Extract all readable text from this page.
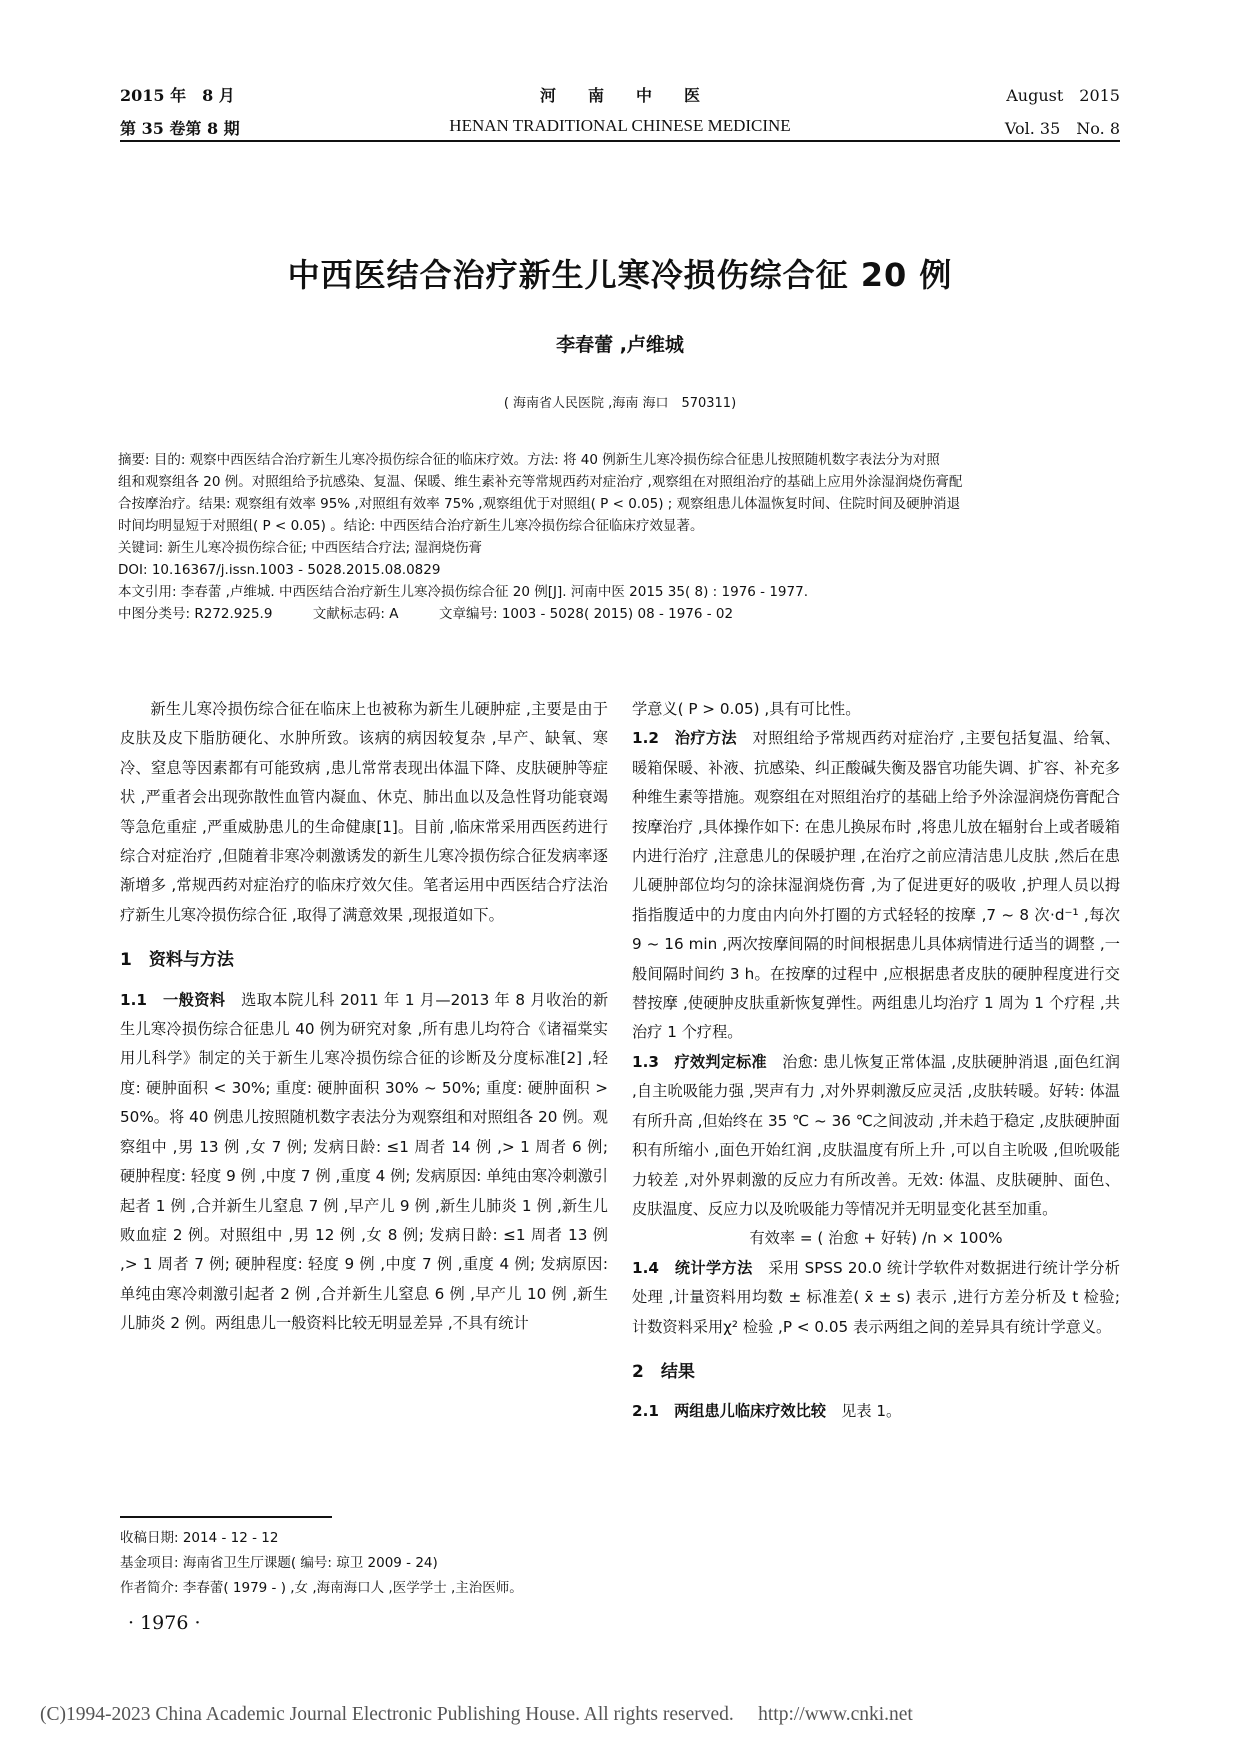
2015 年　8 月	河　　南　　中　　医	August　2015
第 35 卷第 8 期	HENAN TRADITIONAL CHINESE MEDICINE	Vol. 35　No. 8
中西医结合治疗新生儿寒冷损伤综合征 20 例
李春蕾 ,卢维城
( 海南省人民医院 ,海南 海口　570311)
摘要: 目的: 观察中西医结合治疗新生儿寒冷损伤综合征的临床疗效。方法: 将 40 例新生儿寒冷损伤综合征患儿按照随机数字表法分为对照
组和观察组各 20 例。对照组给予抗感染、复温、保暖、维生素补充等常规西药对症治疗 ,观察组在对照组治疗的基础上应用外涂湿润烧伤膏配
合按摩治疗。结果: 观察组有效率 95% ,对照组有效率 75% ,观察组优于对照组( P < 0.05) ; 观察组患儿体温恢复时间、住院时间及硬肿消退
时间均明显短于对照组( P < 0.05) 。结论: 中西医结合治疗新生儿寒冷损伤综合征临床疗效显著。
关键词: 新生儿寒冷损伤综合征; 中西医结合疗法; 湿润烧伤膏
DOI: 10.16367/j.issn.1003 - 5028.2015.08.0829
本文引用: 李春蕾 ,卢维城. 中西医结合治疗新生儿寒冷损伤综合征 20 例[J]. 河南中医 2015 35( 8) : 1976 - 1977.
中图分类号: R272.925.9　　　文献标志码: A　　　文章编号: 1003 - 5028( 2015) 08 - 1976 - 02

新生儿寒冷损伤综合征在临床上也被称为新生儿硬肿症 ,主要是由于皮肤及皮下脂肪硬化、水肿所致。该病的病因较复杂 ,早产、缺氧、寒冷、窒息等因素都有可能致病 ,患儿常常表现出体温下降、皮肤硬肿等症状 ,严重者会出现弥散性血管内凝血、休克、肺出血以及急性肾功能衰竭等急危重症 ,严重威胁患儿的生命健康[1]。目前 ,临床常采用西医药进行综合对症治疗 ,但随着非寒冷刺激诱发的新生儿寒冷损伤综合征发病率逐渐增多 ,常规西药对症治疗的临床疗效欠佳。笔者运用中西医结合疗法治疗新生儿寒冷损伤综合征 ,取得了满意效果 ,现报道如下。

1　资料与方法

1.1　一般资料　选取本院儿科 2011 年 1 月—2013 年 8 月收治的新生儿寒冷损伤综合征患儿 40 例为研究对象 ,所有患儿均符合《诸福棠实用儿科学》制定的关于新生儿寒冷损伤综合征的诊断及分度标准[2] ,轻度: 硬肿面积 < 30%; 重度: 硬肿面积 30% ~ 50%; 重度: 硬肿面积 > 50%。将 40 例患儿按照随机数字表法分为观察组和对照组各 20 例。观察组中 ,男 13 例 ,女 7 例; 发病日龄: ≤1 周者 14 例 ,> 1 周者 6 例; 硬肿程度: 轻度 9 例 ,中度 7 例 ,重度 4 例; 发病原因: 单纯由寒冷刺激引起者 1 例 ,合并新生儿窒息 7 例 ,早产儿 9 例 ,新生儿肺炎 1 例 ,新生儿败血症 2 例。对照组中 ,男 12 例 ,女 8 例; 发病日龄: ≤1 周者 13 例 ,> 1 周者 7 例; 硬肿程度: 轻度 9 例 ,中度 7 例 ,重度 4 例; 发病原因: 单纯由寒冷刺激引起者 2 例 ,合并新生儿窒息 6 例 ,早产儿 10 例 ,新生儿肺炎 2 例。两组患儿一般资料比较无明显差异 ,不具有统计

学意义( P > 0.05) ,具有可比性。

1.2　治疗方法　对照组给予常规西药对症治疗 ,主要包括复温、给氧、暖箱保暖、补液、抗感染、纠正酸碱失衡及器官功能失调、扩容、补充多种维生素等措施。观察组在对照组治疗的基础上给予外涂湿润烧伤膏配合按摩治疗 ,具体操作如下: 在患儿换尿布时 ,将患儿放在辐射台上或者暖箱内进行治疗 ,注意患儿的保暖护理 ,在治疗之前应清洁患儿皮肤 ,然后在患儿硬肿部位均匀的涂抹湿润烧伤膏 ,为了促进更好的吸收 ,护理人员以拇指指腹适中的力度由内向外打圈的方式轻轻的按摩 ,7 ~ 8 次·d⁻¹ ,每次 9 ~ 16 min ,两次按摩间隔的时间根据患儿具体病情进行适当的调整 ,一般间隔时间约 3 h。在按摩的过程中 ,应根据患者皮肤的硬肿程度进行交替按摩 ,使硬肿皮肤重新恢复弹性。两组患儿均治疗 1 周为 1 个疗程 ,共治疗 1 个疗程。

1.3　疗效判定标准　治愈: 患儿恢复正常体温 ,皮肤硬肿消退 ,面色红润 ,自主吮吸能力强 ,哭声有力 ,对外界刺激反应灵活 ,皮肤转暖。好转: 体温有所升高 ,但始终在 35 ℃ ~ 36 ℃之间波动 ,并未趋于稳定 ,皮肤硬肿面积有所缩小 ,面色开始红润 ,皮肤温度有所上升 ,可以自主吮吸 ,但吮吸能力较差 ,对外界刺激的反应力有所改善。无效: 体温、皮肤硬肿、面色、皮肤温度、反应力以及吮吸能力等情况并无明显变化甚至加重。

有效率 = ( 治愈 + 好转) /n × 100%

1.4　统计学方法　采用 SPSS 20.0 统计学软件对数据进行统计学分析处理 ,计量资料用均数 ± 标准差( x̄ ± s) 表示 ,进行方差分析及 t 检验; 计数资料采用χ² 检验 ,P < 0.05 表示两组之间的差异具有统计学意义。

2　结果

2.1　两组患儿临床疗效比较　见表 1。

收稿日期: 2014 - 12 - 12
基金项目: 海南省卫生厅课题( 编号: 琼卫 2009 - 24)
作者简介: 李春蕾( 1979 - ) ,女 ,海南海口人 ,医学学士 ,主治医师。
· 1976 ·
(C)1994-2023 China Academic Journal Electronic Publishing House. All rights reserved.　 http://www.cnki.net
